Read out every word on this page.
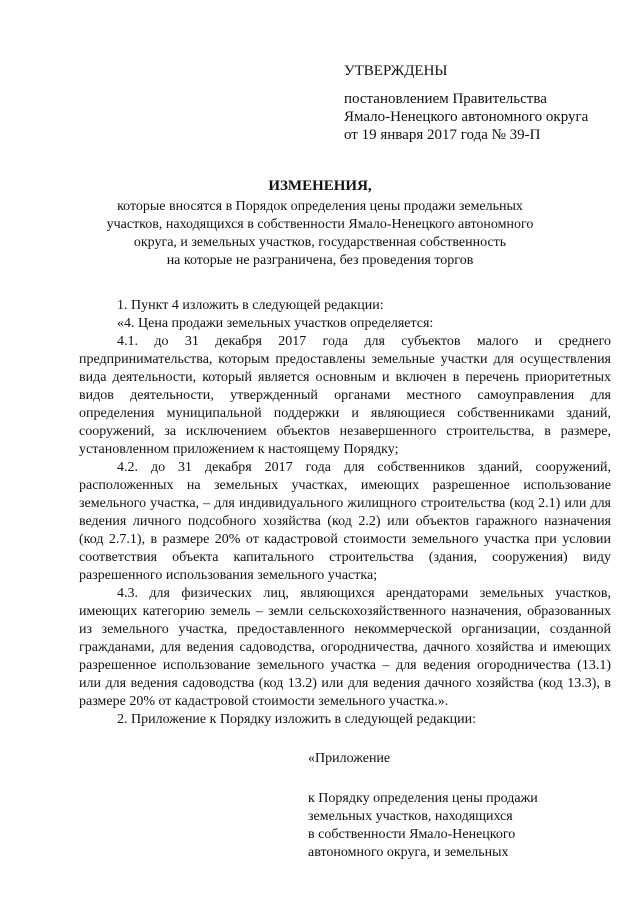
УТВЕРЖДЕНЫ
постановлением Правительства
Ямало-Ненецкого автономного округа
от 19 января 2017 года № 39-П
ИЗМЕНЕНИЯ,
которые вносятся в Порядок определения цены продажи земельных
участков, находящихся в собственности Ямало-Ненецкого автономного
округа, и земельных участков, государственная собственность
на которые не разграничена, без проведения торгов

1. Пункт 4 изложить в следующей редакции:

«4. Цена продажи земельных участков определяется:

4.1. до 31 декабря 2017 года для субъектов малого и среднего предпринимательства, которым предоставлены земельные участки для осуществления вида деятельности, который является основным и включен в перечень приоритетных видов деятельности, утвержденный органами местного самоуправления для определения муниципальной поддержки и являющиеся собственниками зданий, сооружений, за исключением объектов незавершенного строительства, в размере, установленном приложением к настоящему Порядку;

4.2. до 31 декабря 2017 года для собственников зданий, сооружений, расположенных на земельных участках, имеющих разрешенное использование земельного участка, – для индивидуального жилищного строительства (код 2.1) или для ведения личного подсобного хозяйства (код 2.2) или объектов гаражного назначения (код 2.7.1), в размере 20% от кадастровой стоимости земельного участка при условии соответствия объекта капитального строительства (здания, сооружения) виду разрешенного использования земельного участка;

4.3. для физических лиц, являющихся арендаторами земельных участков, имеющих категорию земель – земли сельскохозяйственного назначения, образованных из земельного участка, предоставленного некоммерческой организации, созданной гражданами, для ведения садоводства, огородничества, дачного хозяйства и имеющих разрешенное использование земельного участка – для ведения огородничества (13.1) или для ведения садоводства (код 13.2) или для ведения дачного хозяйства (код 13.3), в размере 20% от кадастровой стоимости земельного участка.».

2. Приложение к Порядку изложить в следующей редакции:

«Приложение
к Порядку определения цены продажи
земельных участков, находящихся
в собственности Ямало-Ненецкого
автономного округа, и земельных
